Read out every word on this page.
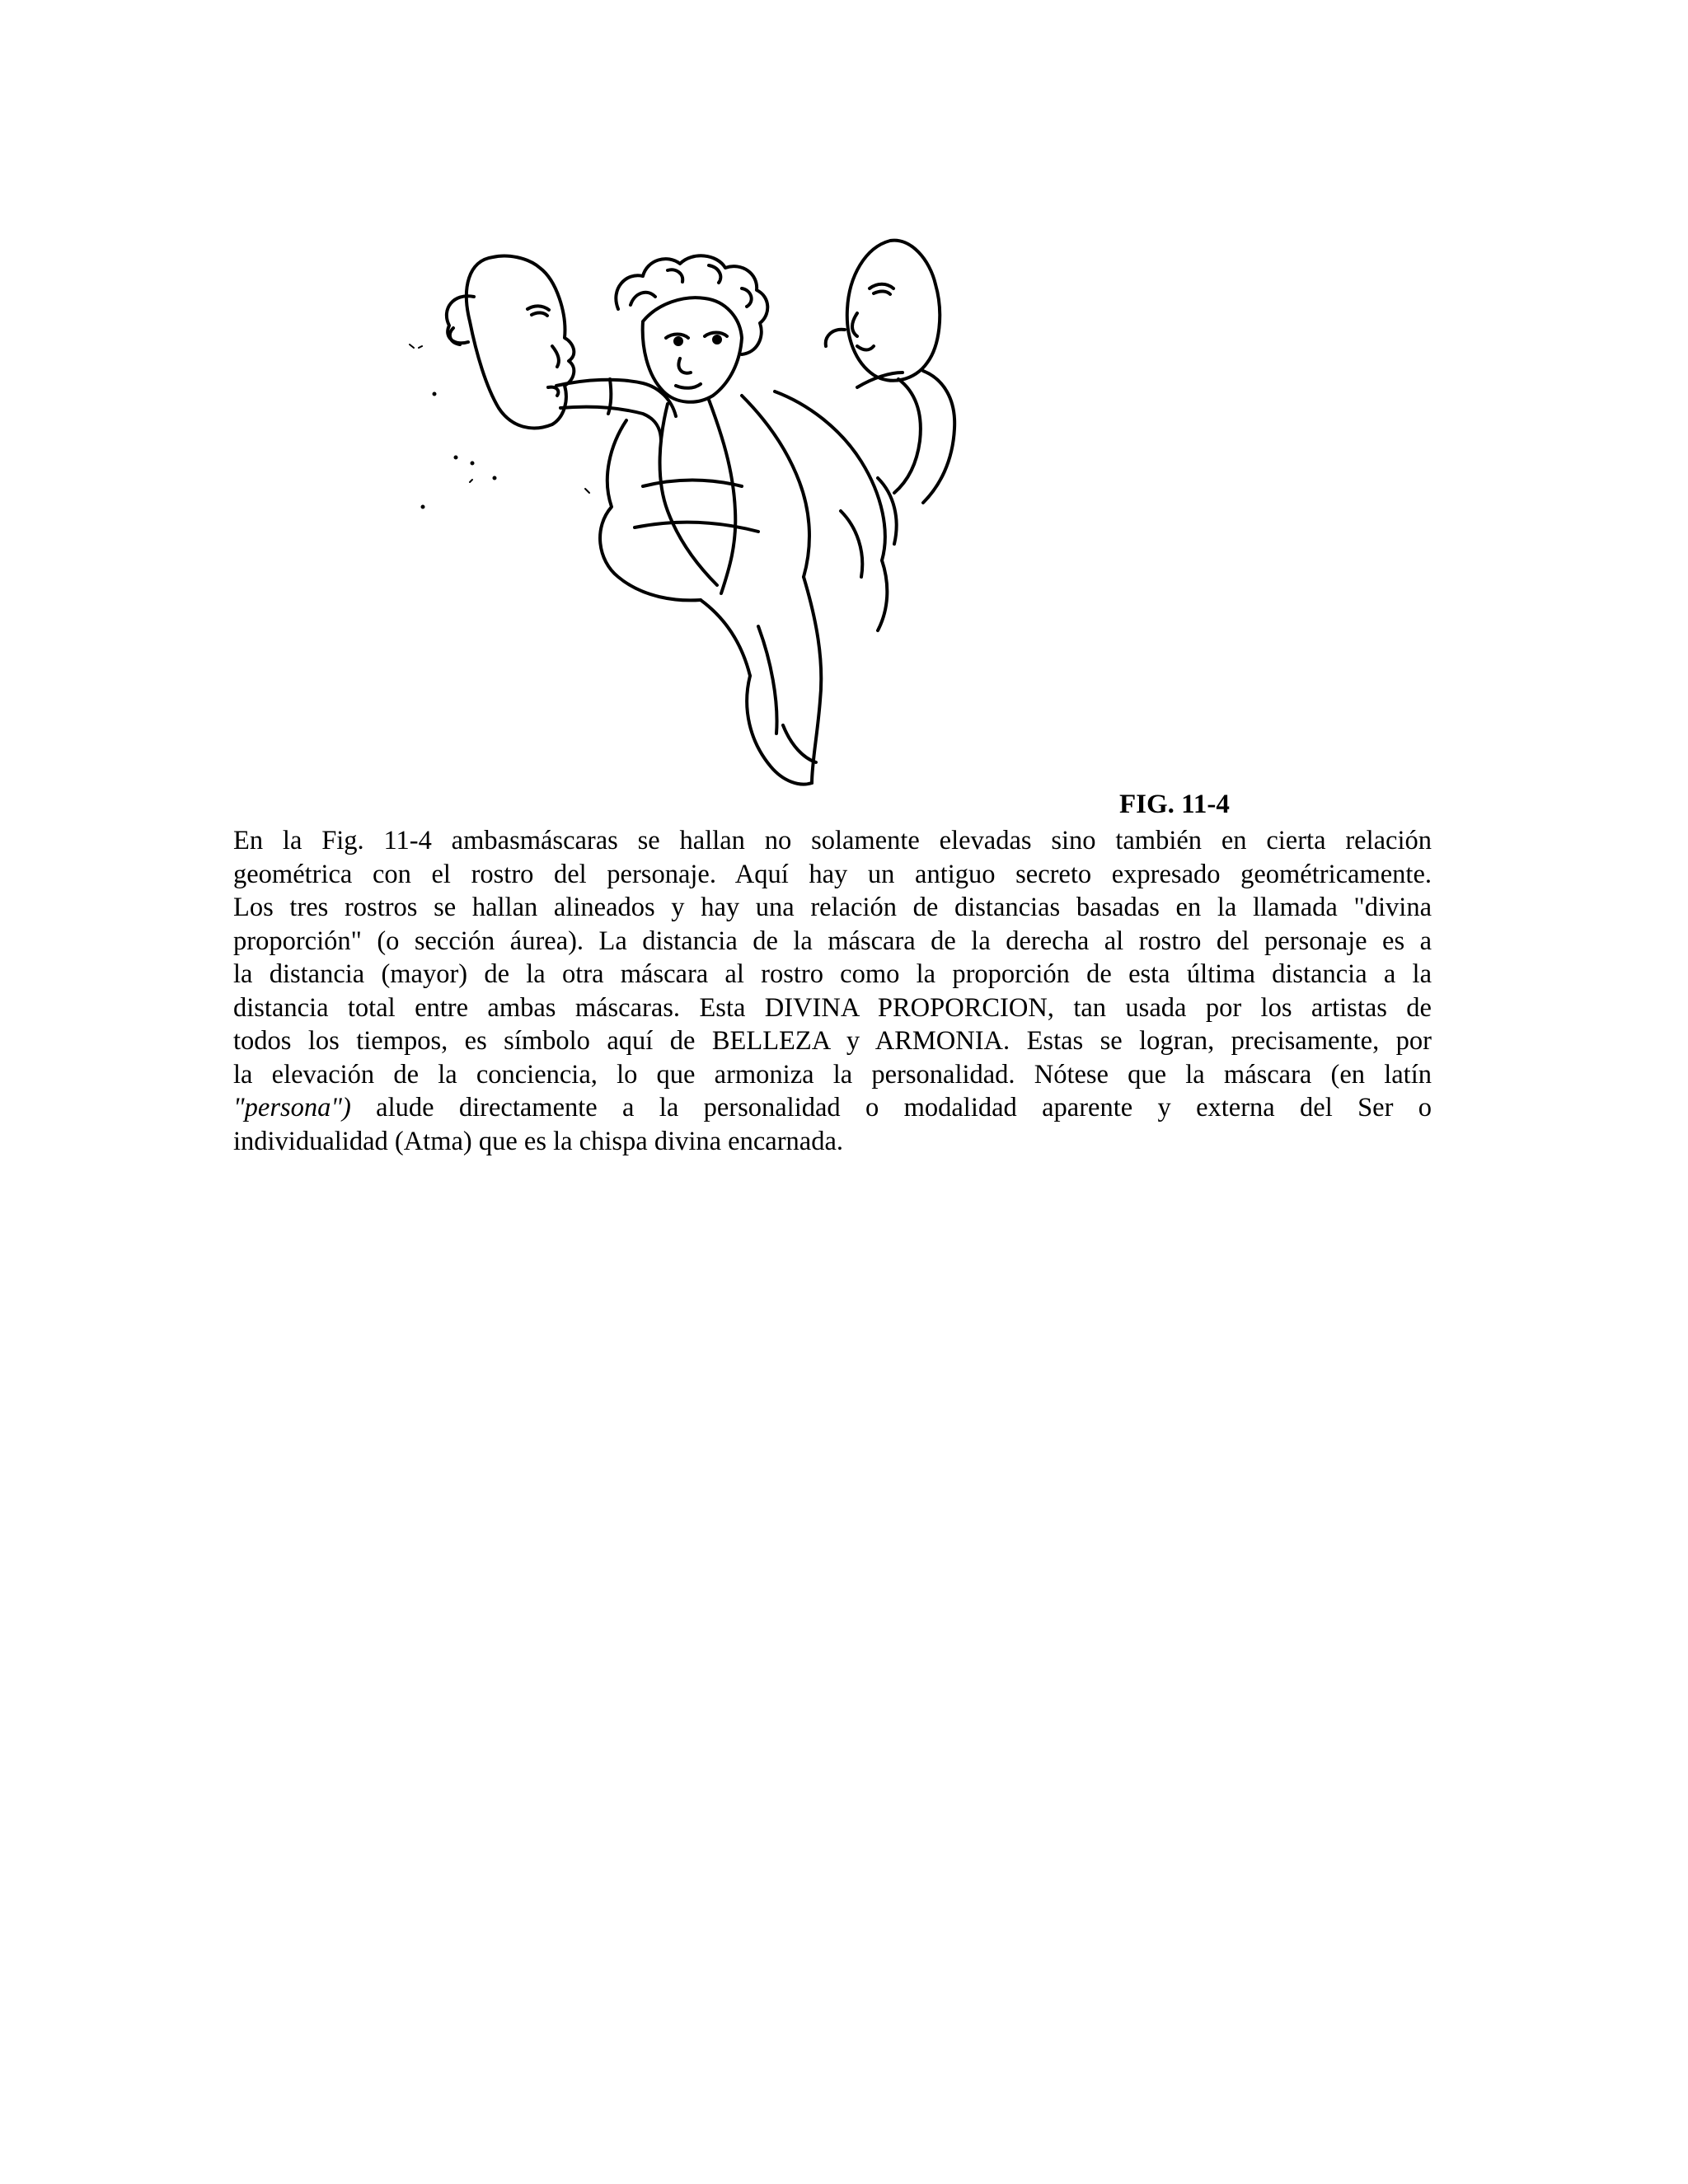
FIG. 11-4
En la Fig. 11-4 ambasmáscaras se hallan no solamente elevadas sino también en cierta relación
geométrica con el rostro del personaje. Aquí hay un antiguo secreto expresado geométricamente.
Los tres rostros se hallan alineados y hay una relación de distancias basadas en la llamada "divina
proporción" (o sección áurea). La distancia de la máscara de la derecha al rostro del personaje es a
la distancia (mayor) de la otra máscara al rostro como la proporción de esta última distancia a la
distancia total entre ambas máscaras. Esta DIVINA PROPORCION, tan usada por los artistas de
todos los tiempos, es símbolo aquí de BELLEZA y ARMONIA. Estas se logran, precisamente, por
la elevación de la conciencia, lo que armoniza la personalidad. Nótese que la máscara (en latín
"persona") alude directamente a la personalidad o modalidad aparente y externa del Ser o
individualidad (Atma) que es la chispa divina encarnada.
